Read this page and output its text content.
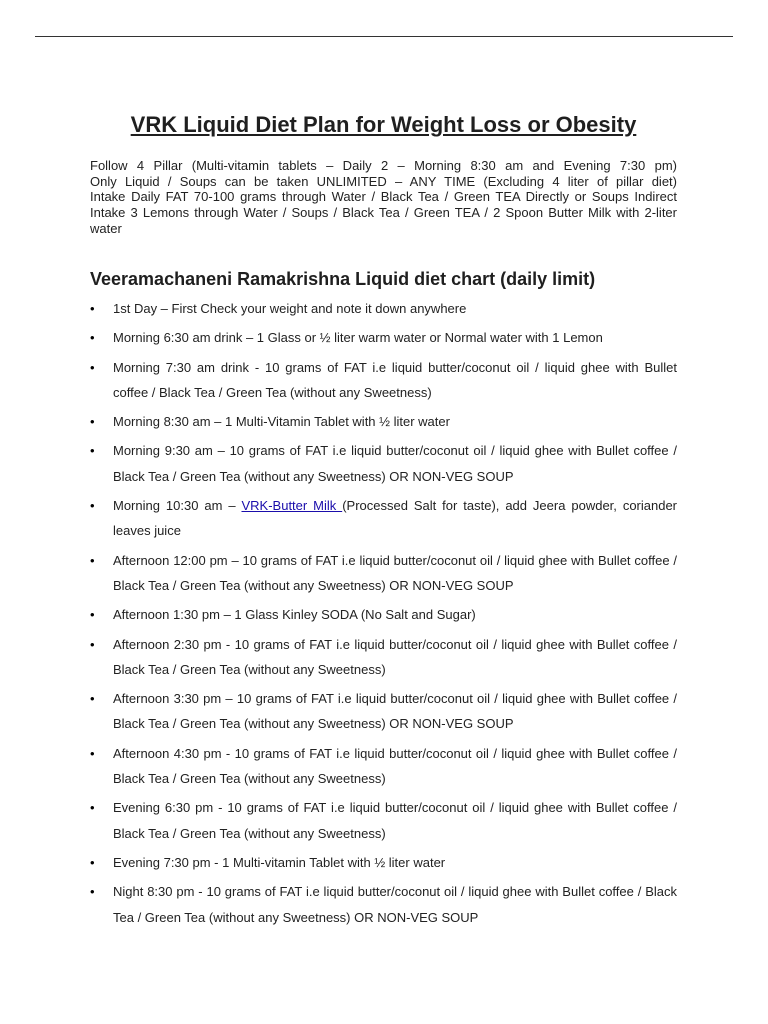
VRK Liquid Diet Plan for Weight Loss or Obesity

Follow 4 Pillar (Multi-vitamin tablets – Daily 2 – Morning 8:30 am and Evening 7:30 pm)
Only Liquid / Soups can be taken UNLIMITED – ANY TIME (Excluding 4 liter of pillar diet)
Intake Daily FAT 70-100 grams through Water / Black Tea / Green TEA Directly or Soups Indirect
Intake 3 Lemons through Water / Soups / Black Tea / Green TEA / 2 Spoon Butter Milk with 2-liter
water

Veeramachaneni Ramakrishna Liquid diet chart (daily limit)
• 1st Day – First Check your weight and note it down anywhere
• Morning 6:30 am drink – 1 Glass or ½ liter warm water or Normal water with 1 Lemon
• Morning 7:30 am drink - 10 grams of FAT i.e liquid butter/coconut oil / liquid ghee with Bullet coffee / Black Tea / Green Tea (without any Sweetness)
• Morning 8:30 am – 1 Multi-Vitamin Tablet with ½ liter water
• Morning 9:30 am – 10 grams of FAT i.e liquid butter/coconut oil / liquid ghee with Bullet coffee / Black Tea / Green Tea (without any Sweetness) OR NON-VEG SOUP
• Morning 10:30 am – VRK-Butter Milk (Processed Salt for taste), add Jeera powder, coriander leaves juice
• Afternoon 12:00 pm – 10 grams of FAT i.e liquid butter/coconut oil / liquid ghee with Bullet coffee / Black Tea / Green Tea (without any Sweetness) OR NON-VEG SOUP
• Afternoon 1:30 pm – 1 Glass Kinley SODA (No Salt and Sugar)
• Afternoon 2:30 pm - 10 grams of FAT i.e liquid butter/coconut oil / liquid ghee with Bullet coffee / Black Tea / Green Tea (without any Sweetness)
• Afternoon 3:30 pm – 10 grams of FAT i.e liquid butter/coconut oil / liquid ghee with Bullet coffee / Black Tea / Green Tea (without any Sweetness) OR NON-VEG SOUP
• Afternoon 4:30 pm - 10 grams of FAT i.e liquid butter/coconut oil / liquid ghee with Bullet coffee / Black Tea / Green Tea (without any Sweetness)
• Evening 6:30 pm - 10 grams of FAT i.e liquid butter/coconut oil / liquid ghee with Bullet coffee / Black Tea / Green Tea (without any Sweetness)
• Evening 7:30 pm - 1 Multi-vitamin Tablet with ½ liter water
• Night 8:30 pm - 10 grams of FAT i.e liquid butter/coconut oil / liquid ghee with Bullet coffee / Black Tea / Green Tea (without any Sweetness) OR NON-VEG SOUP
